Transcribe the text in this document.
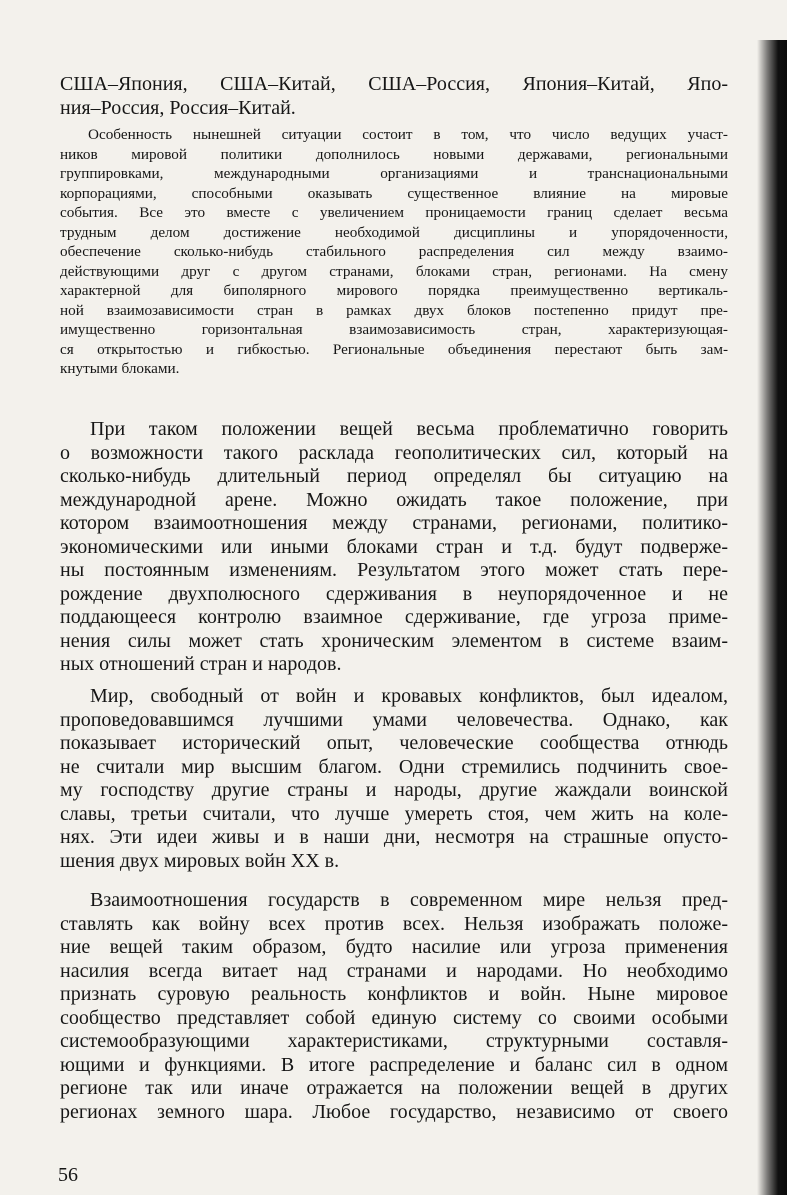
США–Япония, США–Китай, США–Россия, Япония–Китай, Япо-
ния–Россия, Россия–Китай.
Особенность нынешней ситуации состоит в том, что число ведущих участ-
ников мировой политики дополнилось новыми державами, региональными
группировками, международными организациями и транснациональными
корпорациями, способными оказывать существенное влияние на мировые
события. Все это вместе с увеличением проницаемости границ сделает весьма
трудным делом достижение необходимой дисциплины и упорядоченности,
обеспечение сколько-нибудь стабильного распределения сил между взаимо-
действующими друг с другом странами, блоками стран, регионами. На смену
характерной для биполярного мирового порядка преимущественно вертикаль-
ной взаимозависимости стран в рамках двух блоков постепенно придут пре-
имущественно горизонтальная взаимозависимость стран, характеризующая-
ся открытостью и гибкостью. Региональные объединения перестают быть зам-
кнутыми блоками.
При таком положении вещей весьма проблематично говорить
о возможности такого расклада геополитических сил, который на
сколько-нибудь длительный период определял бы ситуацию на
международной арене. Можно ожидать такое положение, при
котором взаимоотношения между странами, регионами, политико-
экономическими или иными блоками стран и т.д. будут подверже-
ны постоянным изменениям. Результатом этого может стать пере-
рождение двухполюсного сдерживания в неупорядоченное и не
поддающееся контролю взаимное сдерживание, где угроза приме-
нения силы может стать хроническим элементом в системе взаим-
ных отношений стран и народов.
Мир, свободный от войн и кровавых конфликтов, был идеалом,
проповедовавшимся лучшими умами человечества. Однако, как
показывает исторический опыт, человеческие сообщества отнюдь
не считали мир высшим благом. Одни стремились подчинить свое-
му господству другие страны и народы, другие жаждали воинской
славы, третьи считали, что лучше умереть стоя, чем жить на коле-
нях. Эти идеи живы и в наши дни, несмотря на страшные опусто-
шения двух мировых войн XX в.
Взаимоотношения государств в современном мире нельзя пред-
ставлять как войну всех против всех. Нельзя изображать положе-
ние вещей таким образом, будто насилие или угроза применения
насилия всегда витает над странами и народами. Но необходимо
признать суровую реальность конфликтов и войн. Ныне мировое
сообщество представляет собой единую систему со своими особыми
системообразующими характеристиками, структурными составля-
ющими и функциями. В итоге распределение и баланс сил в одном
регионе так или иначе отражается на положении вещей в других
регионах земного шара. Любое государство, независимо от своего
56
